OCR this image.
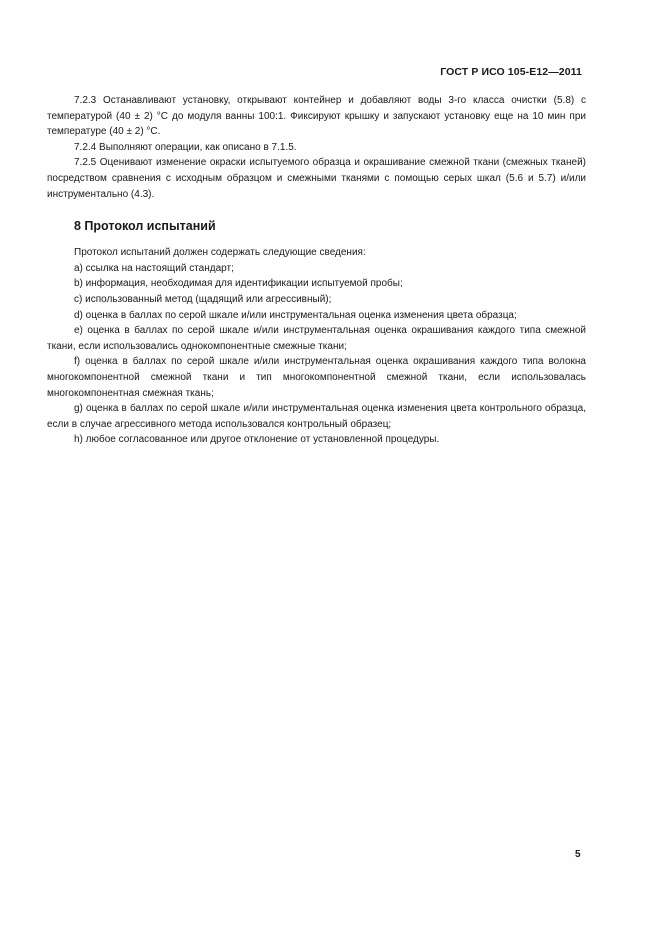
ГОСТ Р ИСО 105-Е12—2011

7.2.3 Останавливают установку, открывают контейнер и добавляют воды 3-го класса очистки (5.8) с температурой (40 ± 2) °С до модуля ванны 100:1. Фиксируют крышку и запускают установку еще на 10 мин при температуре (40 ± 2) °С.

7.2.4 Выполняют операции, как описано в 7.1.5.

7.2.5 Оценивают изменение окраски испытуемого образца и окрашивание смежной ткани (смежных тканей) посредством сравнения с исходным образцом и смежными тканями с помощью серых шкал (5.6 и 5.7) и/или инструментально (4.3).

8 Протокол испытаний

Протокол испытаний должен содержать следующие сведения:

a) ссылка на настоящий стандарт;

b) информация, необходимая для идентификации испытуемой пробы;

c) использованный метод (щадящий или агрессивный);

d) оценка в баллах по серой шкале и/или инструментальная оценка изменения цвета образца;

e) оценка в баллах по серой шкале и/или инструментальная оценка окрашивания каждого типа смежной ткани, если использовались однокомпонентные смежные ткани;

f) оценка в баллах по серой шкале и/или инструментальная оценка окрашивания каждого типа волокна многокомпонентной смежной ткани и тип многокомпонентной смежной ткани, если использовалась многокомпонентная смежная ткань;

g) оценка в баллах по серой шкале и/или инструментальная оценка изменения цвета контрольного образца, если в случае агрессивного метода использовался контрольный образец;

h) любое согласованное или другое отклонение от установленной процедуры.

5
